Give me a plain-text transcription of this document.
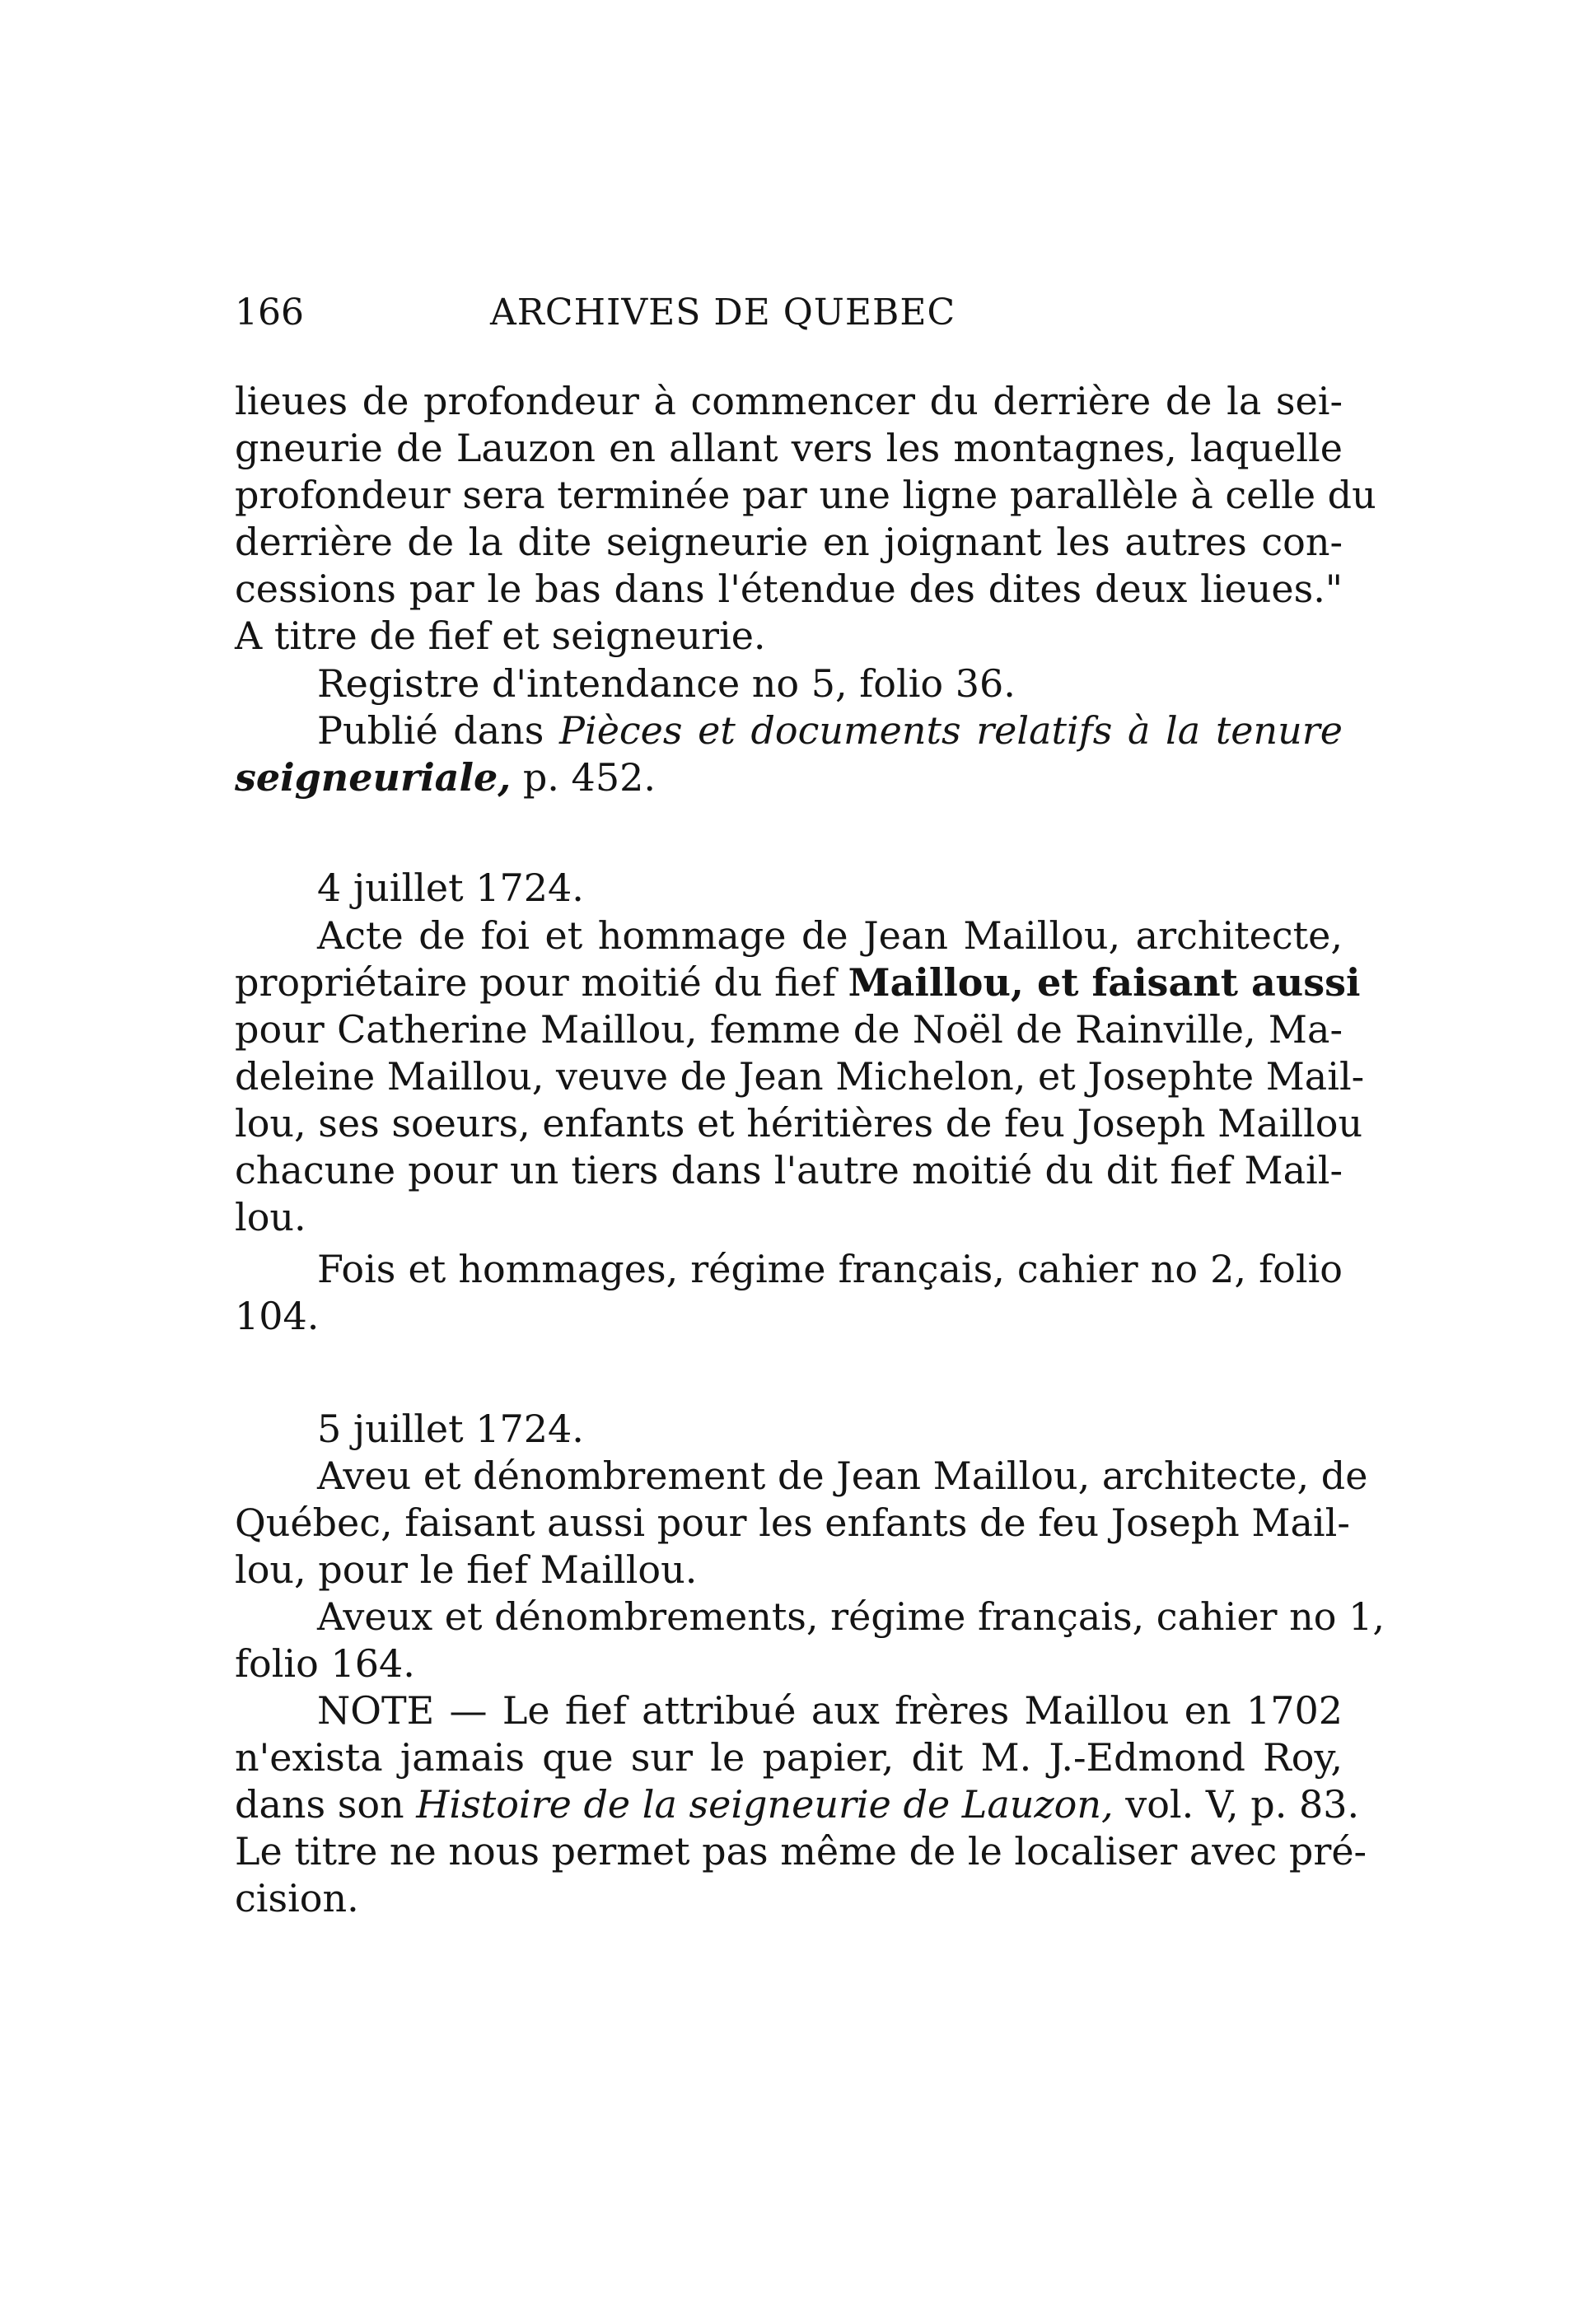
166	ARCHIVES DE QUEBEC
lieues de profondeur à commencer du derrière de la sei-
gneurie de Lauzon en allant vers les montagnes, laquelle
profondeur sera terminée par une ligne parallèle à celle du
derrière de la dite seigneurie en joignant les autres con-
cessions par le bas dans l'étendue des dites deux lieues."
A titre de fief et seigneurie.
Registre d'intendance no 5, folio 36.
Publié dans Pièces et documents relatifs à la tenure
seigneuriale, p. 452.
4 juillet 1724.
Acte de foi et hommage de Jean Maillou, architecte,
propriétaire pour moitié du fief Maillou, et faisant aussi
pour Catherine Maillou, femme de Noël de Rainville, Ma-
deleine Maillou, veuve de Jean Michelon, et Josephte Mail-
lou, ses soeurs, enfants et héritières de feu Joseph Maillou
chacune pour un tiers dans l'autre moitié du dit fief Mail-
lou.
Fois et hommages, régime français, cahier no 2, folio
104.
5 juillet 1724.
Aveu et dénombrement de Jean Maillou, architecte, de
Québec, faisant aussi pour les enfants de feu Joseph Mail-
lou, pour le fief Maillou.
Aveux et dénombrements, régime français, cahier no 1,
folio 164.
NOTE — Le fief attribué aux frères Maillou en 1702
n'exista jamais que sur le papier, dit M. J.-Edmond Roy,
dans son Histoire de la seigneurie de Lauzon, vol. V, p. 83.
Le titre ne nous permet pas même de le localiser avec pré-
cision.
